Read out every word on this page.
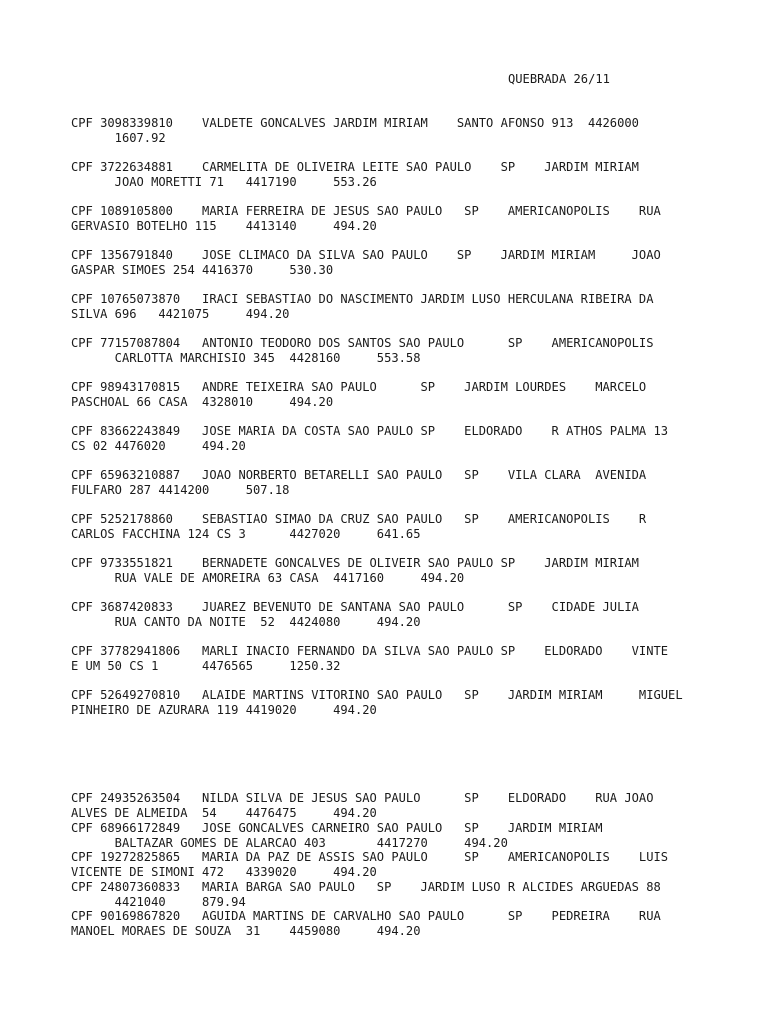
QUEBRADA 26/11
CPF 3098339810    VALDETE GONCALVES JARDIM MIRIAM    SANTO AFONSO 913  4426000
1607.92
CPF 3722634881    CARMELITA DE OLIVEIRA LEITE SAO PAULO    SP    JARDIM MIRIAM
JOAO MORETTI 71   4417190     553.26
CPF 1089105800    MARIA FERREIRA DE JESUS SAO PAULO   SP    AMERICANOPOLIS    RUA
GERVASIO BOTELHO 115    4413140     494.20
CPF 1356791840    JOSE CLIMACO DA SILVA SAO PAULO    SP    JARDIM MIRIAM     JOAO
GASPAR SIMOES 254 4416370     530.30
CPF 10765073870   IRACI SEBASTIAO DO NASCIMENTO JARDIM LUSO HERCULANA RIBEIRA DA
SILVA 696   4421075     494.20
CPF 77157087804   ANTONIO TEODORO DOS SANTOS SAO PAULO      SP    AMERICANOPOLIS
CARLOTTA MARCHISIO 345  4428160     553.58
CPF 98943170815   ANDRE TEIXEIRA SAO PAULO      SP    JARDIM LOURDES    MARCELO
PASCHOAL 66 CASA  4328010     494.20
CPF 83662243849   JOSE MARIA DA COSTA SAO PAULO SP    ELDORADO    R ATHOS PALMA 13
CS 02 4476020     494.20
CPF 65963210887   JOAO NORBERTO BETARELLI SAO PAULO   SP    VILA CLARA  AVENIDA
FULFARO 287 4414200     507.18
CPF 5252178860    SEBASTIAO SIMAO DA CRUZ SAO PAULO   SP    AMERICANOPOLIS    R
CARLOS FACCHINA 124 CS 3      4427020     641.65
CPF 9733551821    BERNADETE GONCALVES DE OLIVEIR SAO PAULO SP    JARDIM MIRIAM
RUA VALE DE AMOREIRA 63 CASA  4417160     494.20
CPF 3687420833    JUAREZ BEVENUTO DE SANTANA SAO PAULO      SP    CIDADE JULIA
RUA CANTO DA NOITE  52  4424080     494.20
CPF 37782941806   MARLI INACIO FERNANDO DA SILVA SAO PAULO SP    ELDORADO    VINTE
E UM 50 CS 1      4476565     1250.32
CPF 52649270810   ALAIDE MARTINS VITORINO SAO PAULO   SP    JARDIM MIRIAM     MIGUEL
PINHEIRO DE AZURARA 119 4419020     494.20
CPF 24935263504   NILDA SILVA DE JESUS SAO PAULO      SP    ELDORADO    RUA JOAO
ALVES DE ALMEIDA  54    4476475     494.20
CPF 68966172849   JOSE GONCALVES CARNEIRO SAO PAULO   SP    JARDIM MIRIAM
BALTAZAR GOMES DE ALARCAO 403       4417270     494.20
CPF 19272825865   MARIA DA PAZ DE ASSIS SAO PAULO     SP    AMERICANOPOLIS    LUIS
VICENTE DE SIMONI 472   4339020     494.20
CPF 24807360833   MARIA BARGA SAO PAULO   SP    JARDIM LUSO R ALCIDES ARGUEDAS 88
4421040     879.94
CPF 90169867820   AGUIDA MARTINS DE CARVALHO SAO PAULO      SP    PEDREIRA    RUA
MANOEL MORAES DE SOUZA  31    4459080     494.20
